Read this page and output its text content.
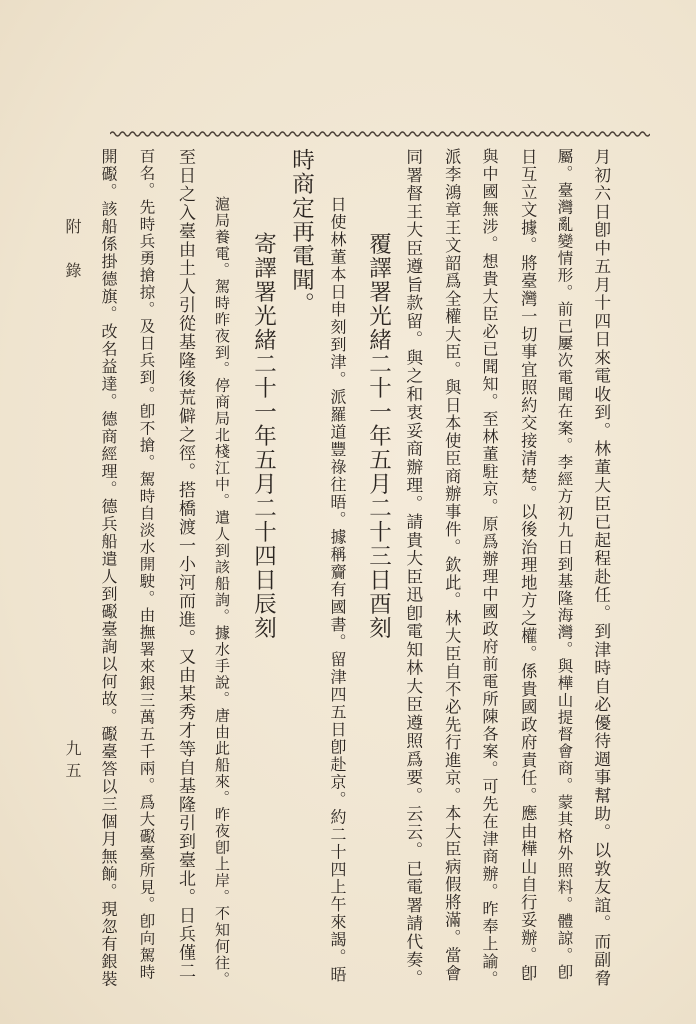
月初六日卽中五月十四日來電收到。林董大臣已起程赴任。到津時自必優待週事幫助。以敦友誼。而副脅
屬。臺灣亂變情形。前已屢次電聞在案。李經方初九日到基隆海灣。與樺山提督會商。蒙其格外照料。體諒。卽
日互立文據。將臺灣一切事宜照約交接清楚。以後治理地方之權。係貴國政府責任。應由樺山自行妥辦。卽
與中國無涉。想貴大臣必已聞知。至林董駐京。原爲辦理中國政府前電所陳各案。可先在津商辦。昨奉上諭。
派李鴻章王文韶爲全權大臣。與日本使臣商辦事件。欽此。林大臣自不必先行進京。本大臣病假將滿。當會
同署督王大臣遵旨款留。與之和衷妥商辦理。請貴大臣迅卽電知林大臣遵照爲要。云云。已電署請代奏。
覆譯署光緒二十一年五月二十三日酉刻
日使林董本日申刻到津。派羅道豐祿往晤。據稱齎有國書。留津四五日卽赴京。約二十四上午來謁。晤
時商定再電聞。
寄譯署光緒二十一年五月二十四日辰刻
滬局養電。駕時昨夜到。停商局北棧江中。遣人到該船詢。據水手說。唐由此船來。昨夜卽上岸。不知何往。
至日之入臺由土人引從基隆後荒僻之徑。搭橋渡一小河而進。又由某秀才等自基隆引到臺北。日兵僅二
百名。先時兵勇搶掠。及日兵到。卽不搶。駕時自淡水開駛。由撫署來銀三萬五千兩。爲大礟臺所見。卽向駕時
開礟。該船係掛德旗。改名益達。德商經理。德兵船遣人到礟臺詢以何故。礟臺答以三個月無餉。現忽有銀裝
附　錄
九五
